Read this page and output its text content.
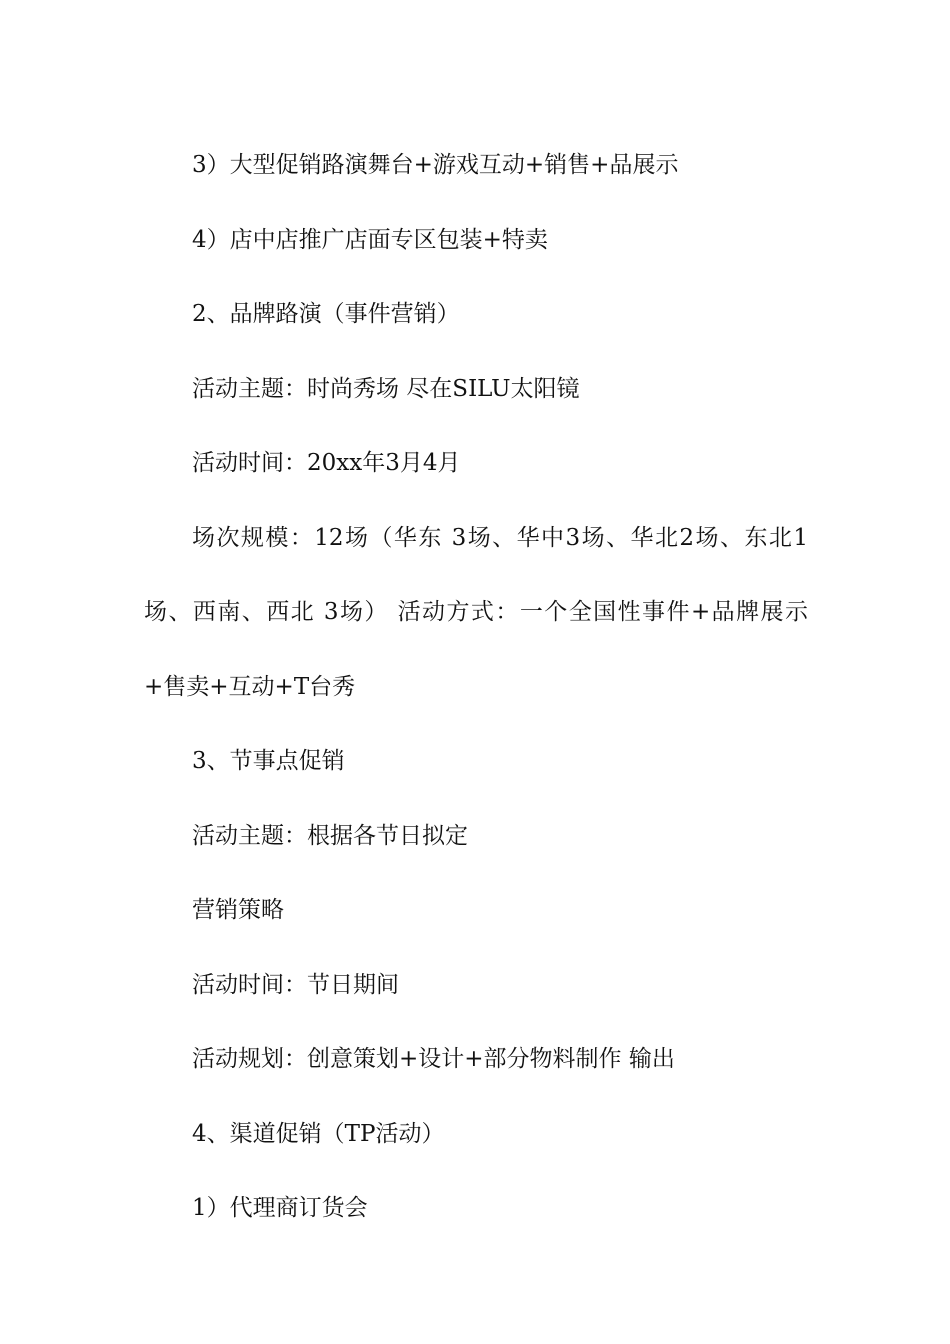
3）大型促销路演舞台+游戏互动+销售+品展示

4）店中店推广店面专区包装+特卖

2、品牌路演（事件营销）

活动主题：时尚秀场 尽在SILU太阳镜

活动时间：20xx年3月4月

场次规模：12场（华东 3场、华中3场、华北2场、东北1场、西南、西北 3场） 活动方式：一个全国性事件+品牌展示+售卖+互动+T台秀

3、节事点促销

活动主题：根据各节日拟定

营销策略

活动时间：节日期间

活动规划：创意策划+设计+部分物料制作 输出

4、渠道促销（TP活动）

1）代理商订货会
